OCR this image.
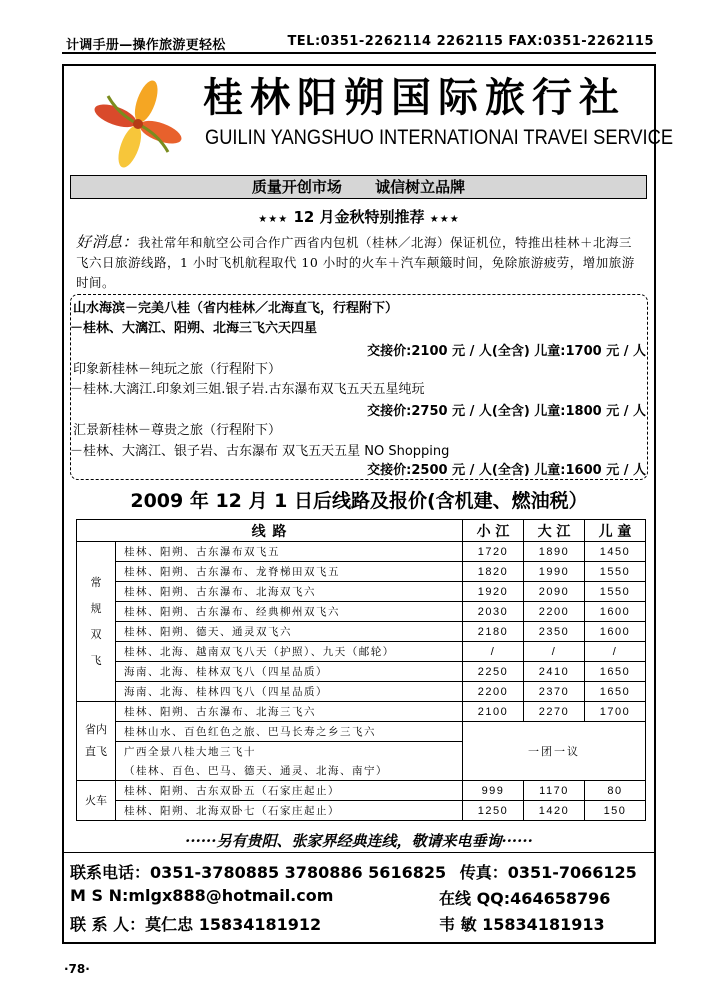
计调手册—操作旅游更轻松	TEL:0351-2262114 2262115 FAX:0351-2262115
桂林阳朔国际旅行社
GUILIN YANGSHUO INTERNATIONAI TRAVEI SERVICE
质量开创市场 诚信树立品牌
★★★ 12 月金秋特别推荐 ★★★
好消息：我社常年和航空公司合作广西省内包机（桂林／北海）保证机位，特推出桂林＋北海三飞六日旅游线路，1 小时飞机航程取代 10 小时的火车＋汽车颠簸时间，免除旅游疲劳，增加旅游时间。
山水海滨－完美八桂（省内桂林／北海直飞，行程附下）
－桂林、大漓江、阳朔、北海三飞六天四星
交接价:2100 元 / 人(全含) 儿童:1700 元 / 人
印象新桂林－纯玩之旅（行程附下）
－桂林.大漓江.印象刘三姐.银子岩.古东瀑布双飞五天五星纯玩
交接价:2750 元 / 人(全含) 儿童:1800 元 / 人
汇景新桂林－尊贵之旅（行程附下）
－桂林、大漓江、银子岩、古东瀑布 双飞五天五星 NO Shopping
交接价:2500 元 / 人(全含) 儿童:1600 元 / 人
2009 年 12 月 1 日后线路及报价(含机建、燃油税）
线 路		小 江	大 江	儿 童
常
规
双
飞	桂林、阳朔、古东瀑布双飞五	1720	1890	1450
	桂林、阳朔、古东瀑布、龙脊梯田双飞五	1820	1990	1550
	桂林、阳朔、古东瀑布、北海双飞六	1920	2090	1550
	桂林、阳朔、古东瀑布、经典柳州双飞六	2030	2200	1600
	桂林、阳朔、德天、通灵双飞六	2180	2350	1600
	桂林、北海、越南双飞八天（护照）、九天（邮轮）	/	/	/
	海南、北海、桂林双飞八（四星品质）	2250	2410	1650
	海南、北海、桂林四飞八（四星品质）	2200	2370	1650
省内
直飞	桂林、阳朔、古东瀑布、北海三飞六	2100	2270	1700
	桂林山水、百色红色之旅、巴马长寿之乡三飞六	一团一议		
	广西全景八桂大地三飞十			
	（桂林、百色、巴马、德天、通灵、北海、南宁）			
火车	桂林、阳朔、古东双卧五（石家庄起止）	999	1170	80
	桂林、阳朔、北海双卧七（石家庄起止）	1250	1420	150
······另有贵阳、张家界经典连线，敬请来电垂询······
联系电话：0351-3780885 3780886 5616825 传真：0351-7066125
M S N:mlgx888@hotmail.com	在线 QQ:464658796
联 系 人：莫仁忠 15834181912	韦 敏 15834181913
·78·
